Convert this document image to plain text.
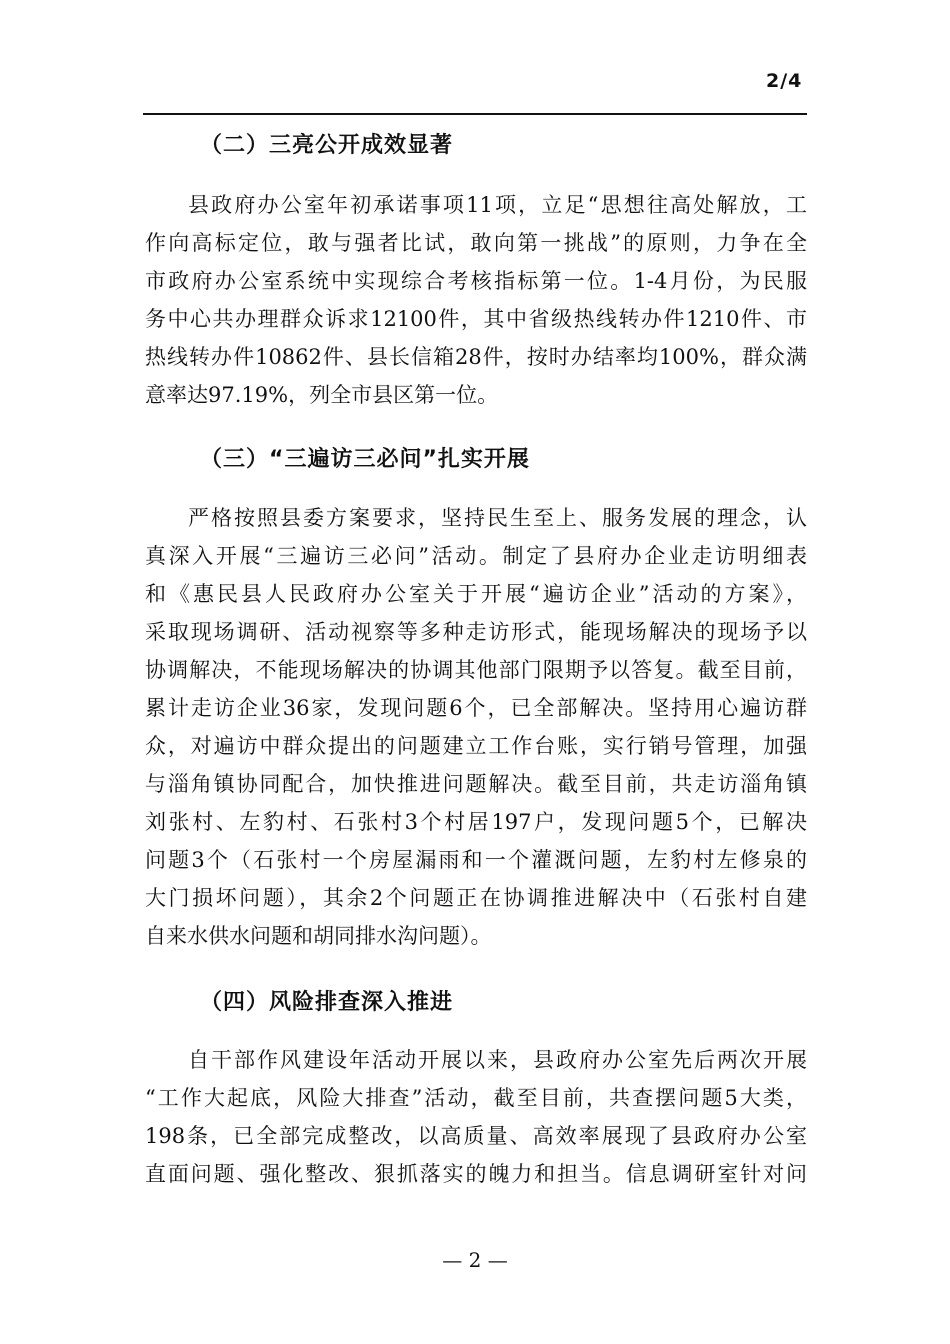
2/4
（二）三亮公开成效显著
县政府办公室年初承诺事项11项，立足“思想往高处解放，工
作向高标定位，敢与强者比试，敢向第一挑战”的原则，力争在全
市政府办公室系统中实现综合考核指标第一位。1-4月份，为民服
务中心共办理群众诉求12100件，其中省级热线转办件1210件、市
热线转办件10862件、县长信箱28件，按时办结率均100%，群众满
意率达97.19%，列全市县区第一位。
（三）“三遍访三必问”扎实开展
严格按照县委方案要求，坚持民生至上、服务发展的理念，认
真深入开展“三遍访三必问”活动。制定了县府办企业走访明细表
和《惠民县人民政府办公室关于开展“遍访企业”活动的方案》，
采取现场调研、活动视察等多种走访形式，能现场解决的现场予以
协调解决，不能现场解决的协调其他部门限期予以答复。截至目前，
累计走访企业36家，发现问题6个，已全部解决。坚持用心遍访群
众，对遍访中群众提出的问题建立工作台账，实行销号管理，加强
与淄角镇协同配合，加快推进问题解决。截至目前，共走访淄角镇
刘张村、左豹村、石张村3个村居197户，发现问题5个，已解决
问题3个（石张村一个房屋漏雨和一个灌溉问题，左豹村左修泉的
大门损坏问题），其余2个问题正在协调推进解决中（石张村自建
自来水供水问题和胡同排水沟问题）。
（四）风险排查深入推进
自干部作风建设年活动开展以来，县政府办公室先后两次开展
“工作大起底，风险大排查”活动，截至目前，共查摆问题5大类，
198条，已全部完成整改，以高质量、高效率展现了县政府办公室
直面问题、强化整改、狠抓落实的魄力和担当。信息调研室针对问
— 2 —
